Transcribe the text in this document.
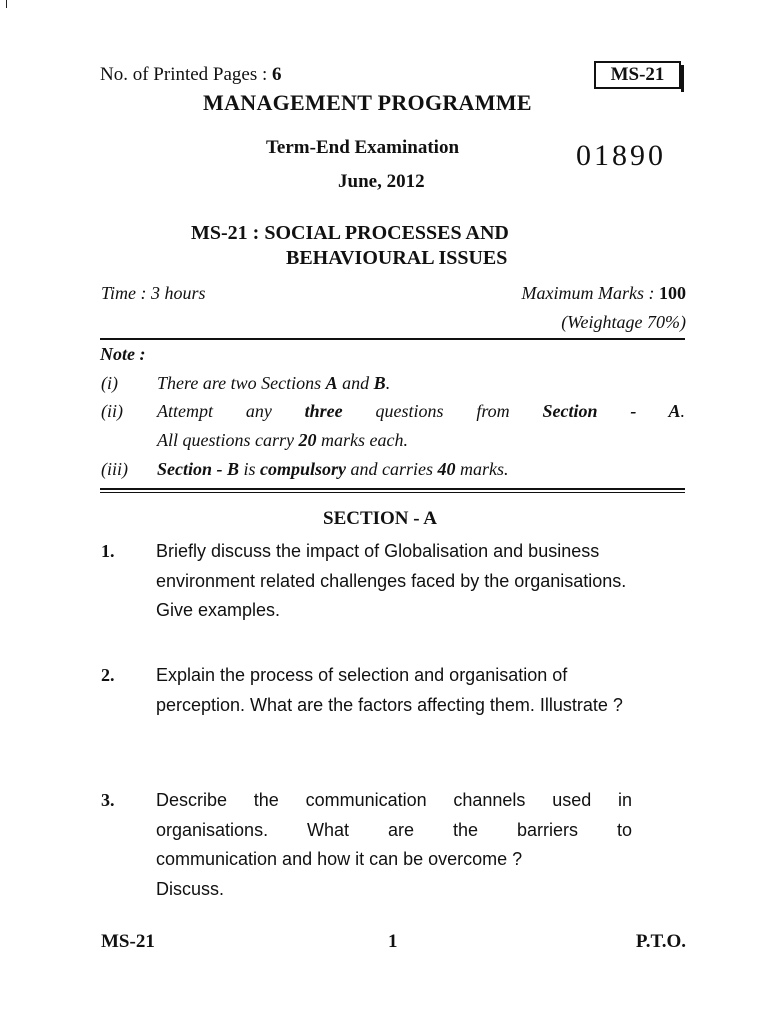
No. of Printed Pages : 6	MS-21
MANAGEMENT PROGRAMME
Term-End Examination	01890
June, 2012
MS-21 : SOCIAL PROCESSES AND
BEHAVIOURAL ISSUES
Time : 3 hours	Maximum Marks : 100
(Weightage 70%)
Note :
(i) There are two Sections A and B.
(ii) Attempt any three questions from Section - A.
All questions carry 20 marks each.
(iii) Section - B is compulsory and carries 40 marks.
SECTION - A
1. Briefly discuss the impact of Globalisation and business environment related challenges faced by the organisations. Give examples.
2. Explain the process of selection and organisation of perception. What are the factors affecting them. Illustrate ?
3. Describe the communication channels used in
organisations. What are the barriers to
communication and how it can be overcome ?
Discuss.
MS-21	1	P.T.O.
